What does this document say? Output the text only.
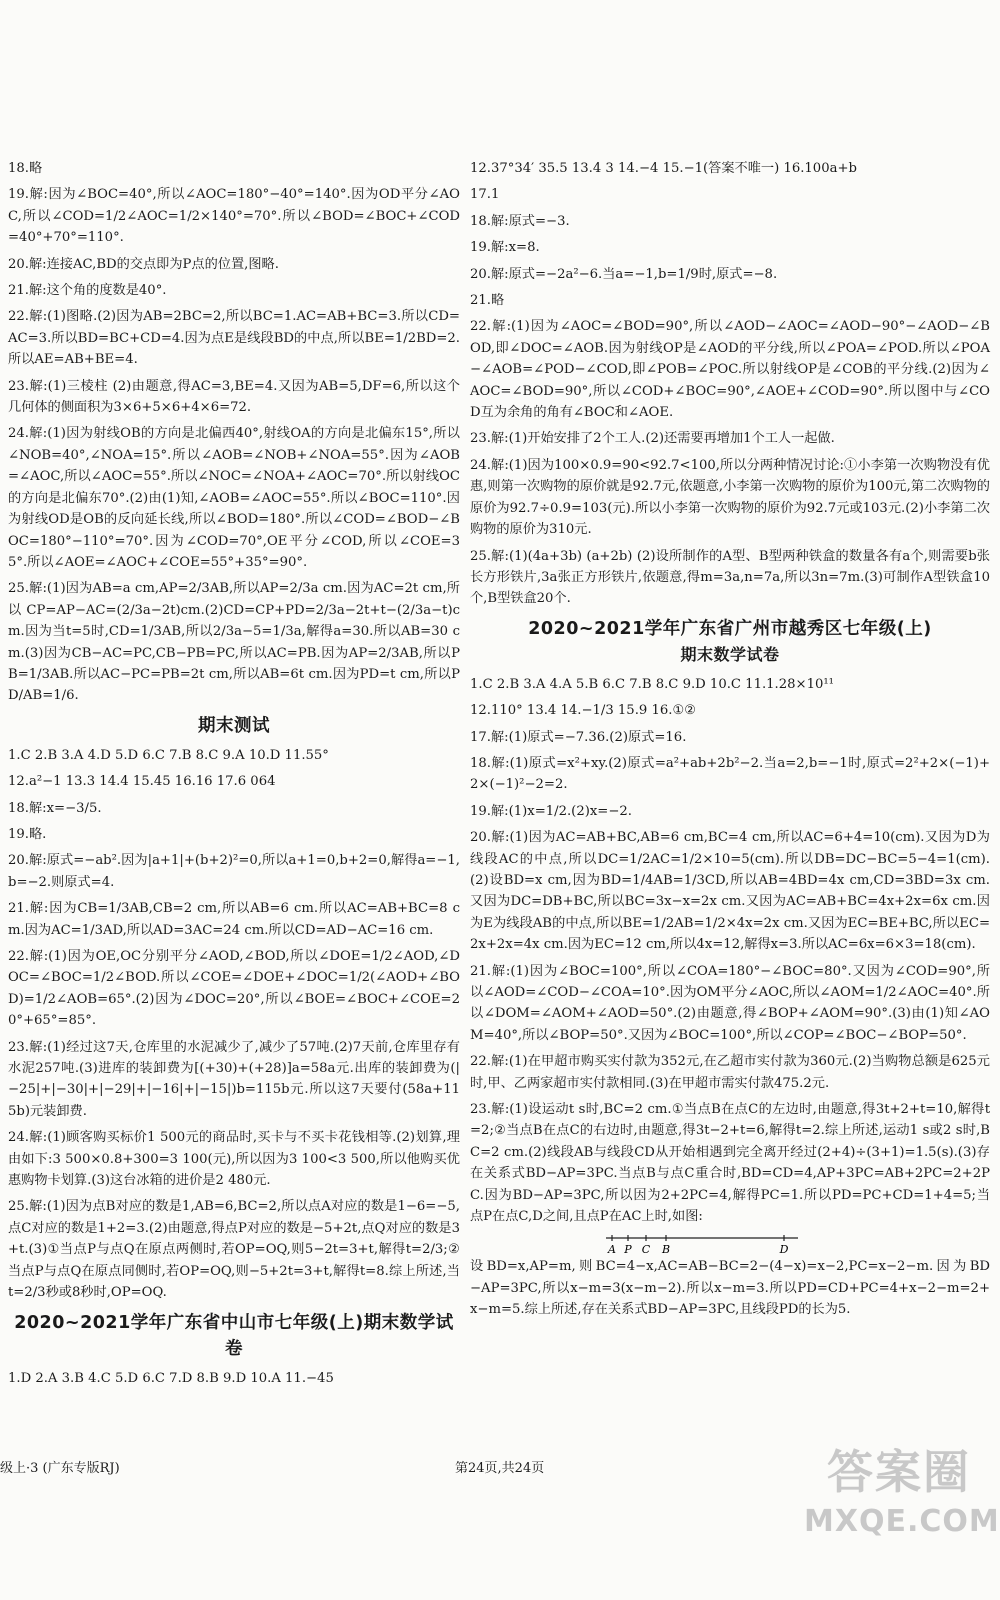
18.略
19.解:因为∠BOC=40°,所以∠AOC=180°−40°=140°.因为OD平分∠AOC,所以∠COD=1/2∠AOC=1/2×140°=70°.所以∠BOD=∠BOC+∠COD=40°+70°=110°.
20.解:连接AC,BD的交点即为P点的位置,图略.
21.解:这个角的度数是40°.
22.解:(1)图略.(2)因为AB=2BC=2,所以BC=1.AC=AB+BC=3.所以CD=AC=3.所以BD=BC+CD=4.因为点E是线段BD的中点,所以BE=1/2BD=2.所以AE=AB+BE=4.
23.解:(1)三棱柱 (2)由题意,得AC=3,BE=4.又因为AB=5,DF=6,所以这个几何体的侧面积为3×6+5×6+4×6=72.
24.解:(1)因为射线OB的方向是北偏西40°,射线OA的方向是北偏东15°,所以∠NOB=40°,∠NOA=15°.所以∠AOB=∠NOB+∠NOA=55°.因为∠AOB=∠AOC,所以∠AOC=55°.所以∠NOC=∠NOA+∠AOC=70°.所以射线OC的方向是北偏东70°.(2)由(1)知,∠AOB=∠AOC=55°.所以∠BOC=110°.因为射线OD是OB的反向延长线,所以∠BOD=180°.所以∠COD=∠BOD−∠BOC=180°−110°=70°.因为∠COD=70°,OE平分∠COD,所以∠COE=35°.所以∠AOE=∠AOC+∠COE=55°+35°=90°.
25.解:(1)因为AB=a cm,AP=2/3AB,所以AP=2/3a cm.因为AC=2t cm,所以CP=AP−AC=(2/3a−2t)cm.(2)CD=CP+PD=2/3a−2t+t−(2/3a−t)cm.因为当t=5时,CD=1/3AB,所以2/3a−5=1/3a,解得a=30.所以AB=30 cm.(3)因为CB−AC=PC,CB−PB=PC,所以AC=PB.因为AP=2/3AB,所以PB=1/3AB.所以AC−PC=PB=2t cm,所以AB=6t cm.因为PD=t cm,所以PD/AB=1/6.
期末测试
1.C 2.B 3.A 4.D 5.D 6.C 7.B 8.C 9.A 10.D 11.55°
12.a²−1 13.3 14.4 15.45 16.16 17.6 064
18.解:x=−3/5.
19.略.
20.解:原式=−ab².因为|a+1|+(b+2)²=0,所以a+1=0,b+2=0,解得a=−1,b=−2.则原式=4.
21.解:因为CB=1/3AB,CB=2 cm,所以AB=6 cm.所以AC=AB+BC=8 cm.因为AC=1/3AD,所以AD=3AC=24 cm.所以CD=AD−AC=16 cm.
22.解:(1)因为OE,OC分别平分∠AOD,∠BOD,所以∠DOE=1/2∠AOD,∠DOC=∠BOC=1/2∠BOD.所以∠COE=∠DOE+∠DOC=1/2(∠AOD+∠BOD)=1/2∠AOB=65°.(2)因为∠DOC=20°,所以∠BOE=∠BOC+∠COE=20°+65°=85°.
23.解:(1)经过这7天,仓库里的水泥减少了,减少了57吨.(2)7天前,仓库里存有水泥257吨.(3)进库的装卸费为[(+30)+(+28)]a=58a元.出库的装卸费为(|−25|+|−30|+|−29|+|−16|+|−15|)b=115b元.所以这7天要付(58a+115b)元装卸费.
24.解:(1)顾客购买标价1 500元的商品时,买卡与不买卡花钱相等.(2)划算,理由如下:3 500×0.8+300=3 100(元),所以因为3 100<3 500,所以他购买优惠购物卡划算.(3)这台冰箱的进价是2 480元.
25.解:(1)因为点B对应的数是1,AB=6,BC=2,所以点A对应的数是1−6=−5,点C对应的数是1+2=3.(2)由题意,得点P对应的数是−5+2t,点Q对应的数是3+t.(3)①当点P与点Q在原点两侧时,若OP=OQ,则5−2t=3+t,解得t=2/3;②当点P与点Q在原点同侧时,若OP=OQ,则−5+2t=3+t,解得t=8.综上所述,当t=2/3秒或8秒时,OP=OQ.
2020~2021学年广东省中山市七年级(上)期末数学试卷
1.D 2.A 3.B 4.C 5.D 6.C 7.D 8.B 9.D 10.A 11.−45
12.37°34′ 35.5 13.4 3 14.−4 15.−1(答案不唯一) 16.100a+b
17.1
18.解:原式=−3.
19.解:x=8.
20.解:原式=−2a²−6.当a=−1,b=1/9时,原式=−8.
21.略
22.解:(1)因为∠AOC=∠BOD=90°,所以∠AOD−∠AOC=∠AOD−90°−∠AOD−∠BOD,即∠DOC=∠AOB.因为射线OP是∠AOD的平分线,所以∠POA=∠POD.所以∠POA−∠AOB=∠POD−∠COD,即∠POB=∠POC.所以射线OP是∠COB的平分线.(2)因为∠AOC=∠BOD=90°,所以∠COD+∠BOC=90°,∠AOE+∠COD=90°.所以图中与∠COD互为余角的角有∠BOC和∠AOE.
23.解:(1)开始安排了2个工人.(2)还需要再增加1个工人一起做.
24.解:(1)因为100×0.9=90<92.7<100,所以分两种情况讨论:①小李第一次购物没有优惠,则第一次购物的原价就是92.7元,依题意,小李第一次购物的原价为100元,第二次购物的原价为92.7÷0.9=103(元).所以小李第一次购物的原价为92.7元或103元.(2)小李第二次购物的原价为310元.
25.解:(1)(4a+3b) (a+2b) (2)设所制作的A型、B型两种铁盒的数量各有a个,则需要b张长方形铁片,3a张正方形铁片,依题意,得m=3a,n=7a,所以3n=7m.(3)可制作A型铁盒10个,B型铁盒20个.
2020~2021学年广东省广州市越秀区七年级(上)
期末数学试卷
1.C 2.B 3.A 4.A 5.B 6.C 7.B 8.C 9.D 10.C 11.1.28×10¹¹
12.110° 13.4 14.−1/3 15.9 16.①②
17.解:(1)原式=−7.36.(2)原式=16.
18.解:(1)原式=x²+xy.(2)原式=a²+ab+2b²−2.当a=2,b=−1时,原式=2²+2×(−1)+2×(−1)²−2=2.
19.解:(1)x=1/2.(2)x=−2.
20.解:(1)因为AC=AB+BC,AB=6 cm,BC=4 cm,所以AC=6+4=10(cm).又因为D为线段AC的中点,所以DC=1/2AC=1/2×10=5(cm).所以DB=DC−BC=5−4=1(cm).(2)设BD=x cm,因为BD=1/4AB=1/3CD,所以AB=4BD=4x cm,CD=3BD=3x cm.又因为DC=DB+BC,所以BC=3x−x=2x cm.又因为AC=AB+BC=4x+2x=6x cm.因为E为线段AB的中点,所以BE=1/2AB=1/2×4x=2x cm.又因为EC=BE+BC,所以EC=2x+2x=4x cm.因为EC=12 cm,所以4x=12,解得x=3.所以AC=6x=6×3=18(cm).
21.解:(1)因为∠BOC=100°,所以∠COA=180°−∠BOC=80°.又因为∠COD=90°,所以∠AOD=∠COD−∠COA=10°.因为OM平分∠AOC,所以∠AOM=1/2∠AOC=40°.所以∠DOM=∠AOM+∠AOD=50°.(2)由题意,得∠BOP+∠AOM=90°.(3)由(1)知∠AOM=40°,所以∠BOP=50°.又因为∠BOC=100°,所以∠COP=∠BOC−∠BOP=50°.
22.解:(1)在甲超市购买实付款为352元,在乙超市实付款为360元.(2)当购物总额是625元时,甲、乙两家超市实付款相同.(3)在甲超市需实付款475.2元.
23.解:(1)设运动t s时,BC=2 cm.①当点B在点C的左边时,由题意,得3t+2+t=10,解得t=2;②当点B在点C的右边时,由题意,得3t−2+t=6,解得t=2.综上所述,运动1 s或2 s时,BC=2 cm.(2)线段AB与线段CD从开始相遇到完全离开经过(2+4)÷(3+1)=1.5(s).(3)存在关系式BD−AP=3PC.当点B与点C重合时,BD=CD=4,AP+3PC=AB+2PC=2+2PC.因为BD−AP=3PC,所以因为2+2PC=4,解得PC=1.所以PD=PC+CD=1+4=5;当点P在点C,D之间,且点P在AC上时,如图:
A P C B	D
设BD=x,AP=m,则BC=4−x,AC=AB−BC=2−(4−x)=x−2,PC=x−2−m.因为BD−AP=3PC,所以x−m=3(x−m−2).所以x−m=3.所以PD=CD+PC=4+x−2−m=2+x−m=5.综上所述,存在关系式BD−AP=3PC,且线段PD的长为5.
级上·3 (广东专版RJ)	第24页,共24页	答案圈
MXQE.COM
